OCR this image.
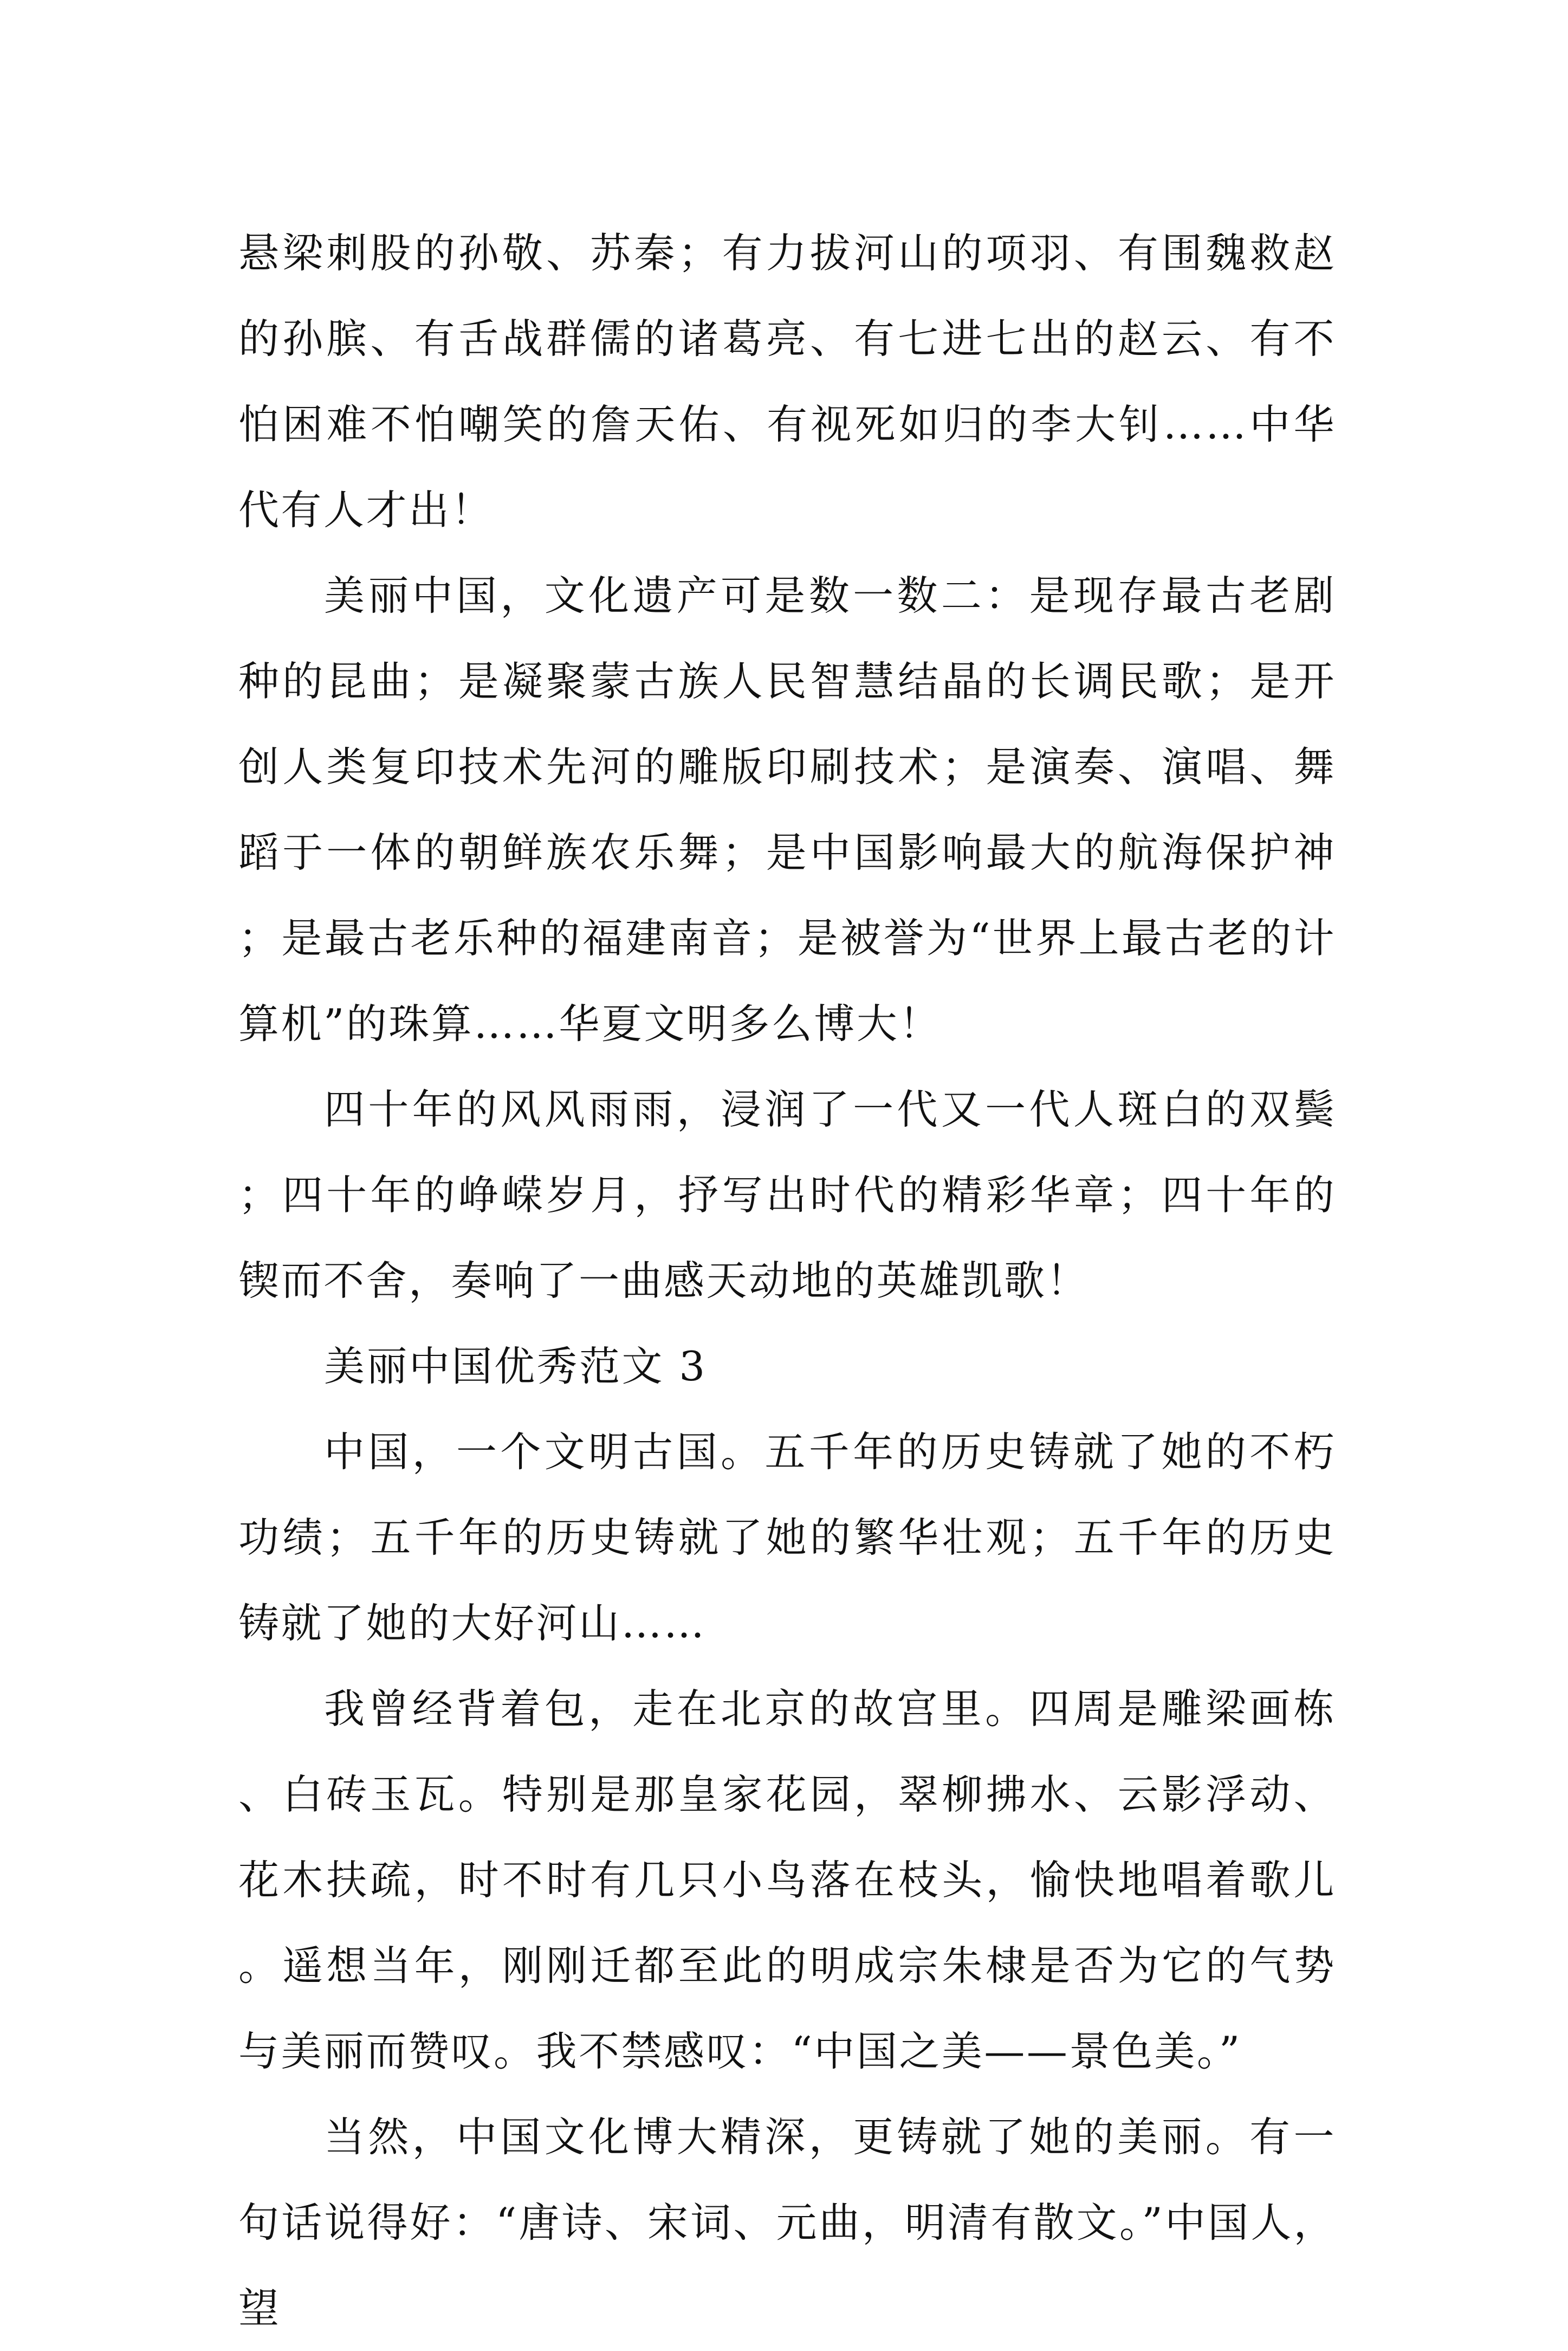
悬梁刺股的孙敬、苏秦；有力拔河山的项羽、有围魏救赵的孙膑、有舌战群儒的诸葛亮、有七进七出的赵云、有不怕困难不怕嘲笑的詹天佑、有视死如归的李大钊……中华代有人才出！

美丽中国，文化遗产可是数一数二：是现存最古老剧种的昆曲；是凝聚蒙古族人民智慧结晶的长调民歌；是开创人类复印技术先河的雕版印刷技术；是演奏、演唱、舞蹈于一体的朝鲜族农乐舞；是中国影响最大的航海保护神；是最古老乐种的福建南音；是被誉为“世界上最古老的计算机”的珠算……华夏文明多么博大！

四十年的风风雨雨，浸润了一代又一代人斑白的双鬓；四十年的峥嵘岁月，抒写出时代的精彩华章；四十年的锲而不舍，奏响了一曲感天动地的英雄凯歌！

美丽中国优秀范文 3

中国，一个文明古国。五千年的历史铸就了她的不朽功绩；五千年的历史铸就了她的繁华壮观；五千年的历史铸就了她的大好河山……

我曾经背着包，走在北京的故宫里。四周是雕梁画栋、白砖玉瓦。特别是那皇家花园，翠柳拂水、云影浮动、花木扶疏，时不时有几只小鸟落在枝头，愉快地唱着歌儿。遥想当年，刚刚迁都至此的明成宗朱棣是否为它的气势与美丽而赞叹。我不禁感叹：“中国之美——景色美。”

当然，中国文化博大精深，更铸就了她的美丽。有一句话说得好：“唐诗、宋词、元曲，明清有散文。”中国人，望
